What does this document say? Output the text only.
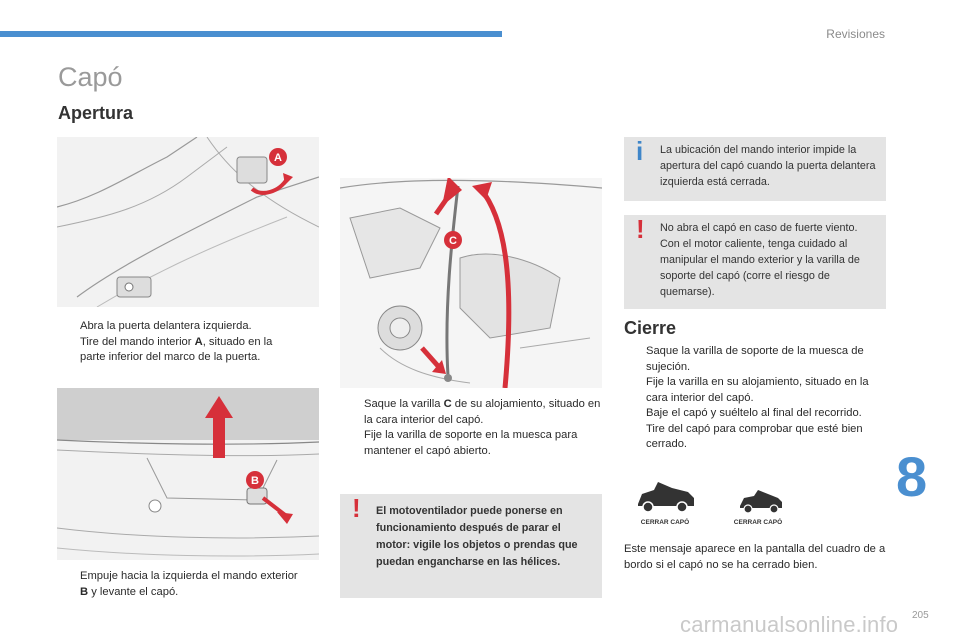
Revisiones
Capó
Apertura
A
Abra la puerta delantera izquierda.
Tire del mando interior A, situado en la parte inferior del marco de la puerta.
B
Empuje hacia la izquierda el mando exterior B y levante el capó.
C
Saque la varilla C de su alojamiento, situado en la cara interior del capó.
Fije la varilla de soporte en la muesca para mantener el capó abierto.
! El motoventilador puede ponerse en funcionamiento después de parar el motor: vigile los objetos o prendas que puedan engancharse en las hélices.
i La ubicación del mando interior impide la apertura del capó cuando la puerta delantera izquierda está cerrada.
! No abra el capó en caso de fuerte viento. Con el motor caliente, tenga cuidado al manipular el mando exterior y la varilla de soporte del capó (corre el riesgo de quemarse).
Cierre
Saque la varilla de soporte de la muesca de sujeción.
Fije la varilla en su alojamiento, situado en la cara interior del capó.
Baje el capó y suéltelo al final del recorrido.
Tire del capó para comprobar que esté bien cerrado.
CERRAR CAPÓ	CERRAR CAPÓ
Este mensaje aparece en la pantalla del cuadro de a bordo si el capó no se ha cerrado bien.
8
carmanualsonline.info 205
